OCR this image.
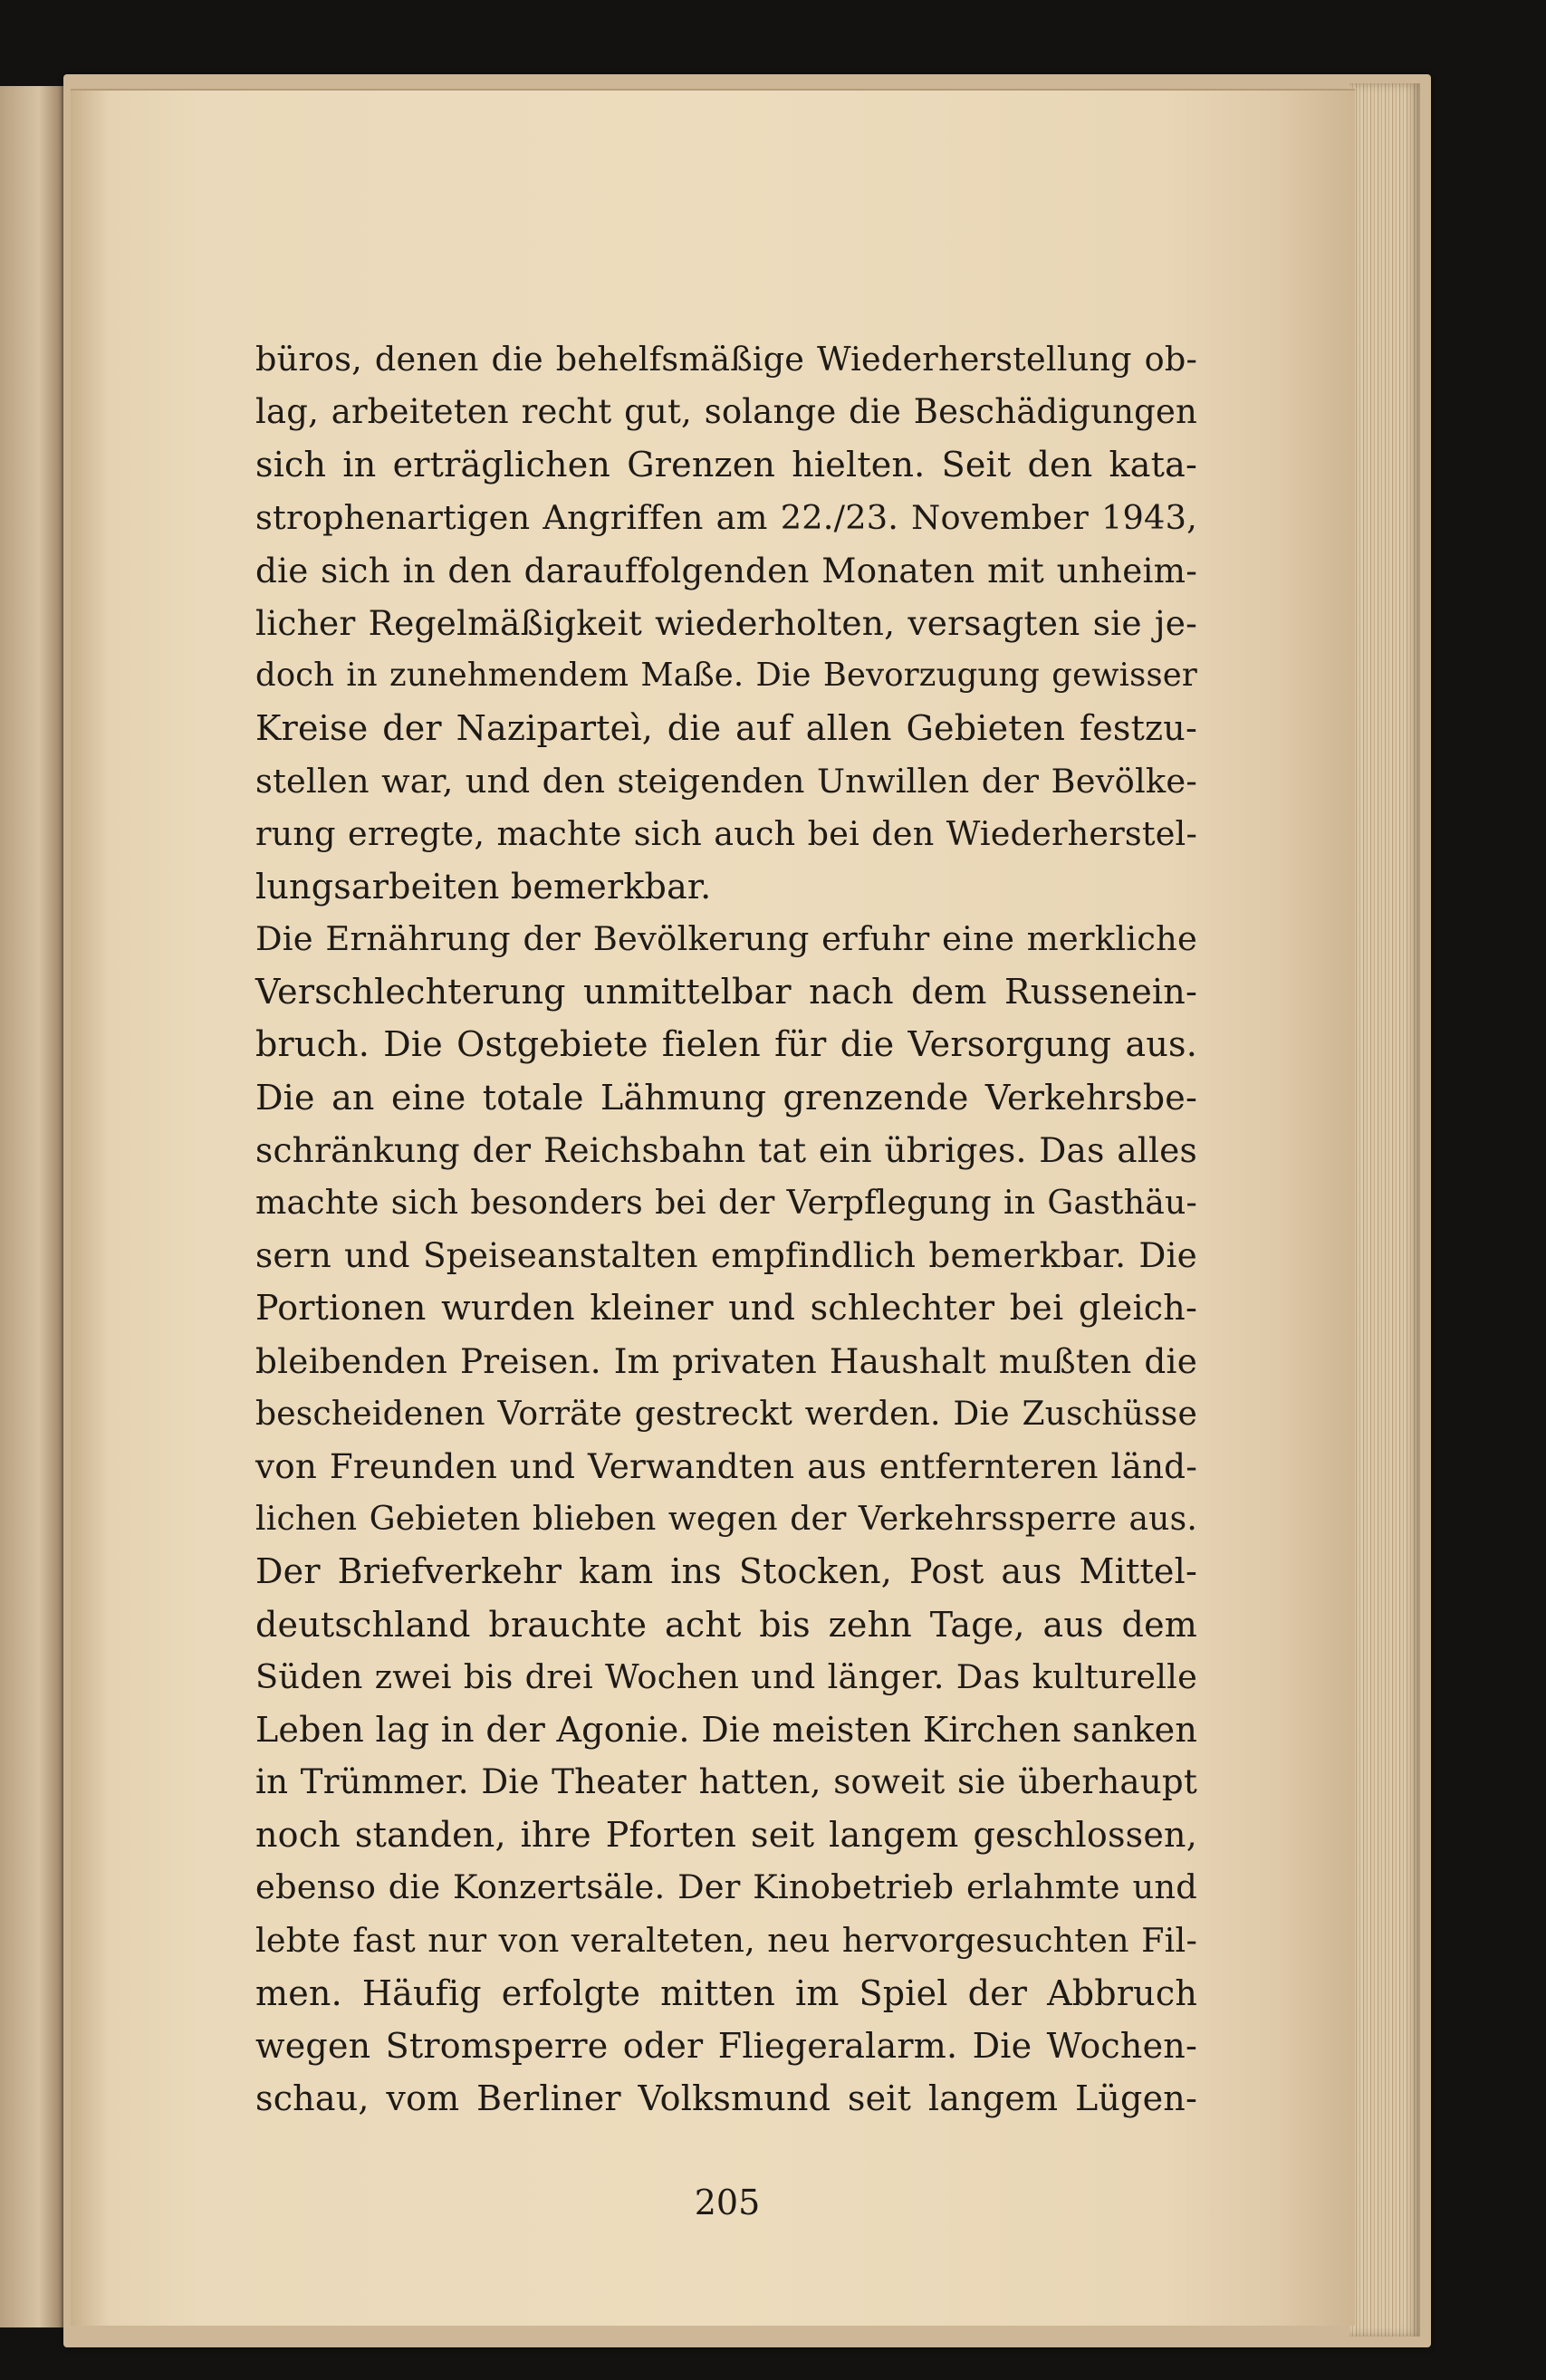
büros, denen die behelfsmäßige Wiederherstellung ob-
lag, arbeiteten recht gut, solange die Beschädigungen
sich in erträglichen Grenzen hielten. Seit den kata-
strophenartigen Angriffen am 22./23. November 1943,
die sich in den darauffolgenden Monaten mit unheim-
licher Regelmäßigkeit wiederholten, versagten sie je-
doch in zunehmendem Maße. Die Bevorzugung gewisser
Kreise der Naziparteì, die auf allen Gebieten festzu-
stellen war, und den steigenden Unwillen der Bevölke-
rung erregte, machte sich auch bei den Wiederherstel-
lungsarbeiten bemerkbar.
Die Ernährung der Bevölkerung erfuhr eine merkliche
Verschlechterung unmittelbar nach dem Russenein-
bruch. Die Ostgebiete fielen für die Versorgung aus.
Die an eine totale Lähmung grenzende Verkehrsbe-
schränkung der Reichsbahn tat ein übriges. Das alles
machte sich besonders bei der Verpflegung in Gasthäu-
sern und Speiseanstalten empfindlich bemerkbar. Die
Portionen wurden kleiner und schlechter bei gleich-
bleibenden Preisen. Im privaten Haushalt mußten die
bescheidenen Vorräte gestreckt werden. Die Zuschüsse
von Freunden und Verwandten aus entfernteren länd-
lichen Gebieten blieben wegen der Verkehrssperre aus.
Der Briefverkehr kam ins Stocken, Post aus Mittel-
deutschland brauchte acht bis zehn Tage, aus dem
Süden zwei bis drei Wochen und länger. Das kulturelle
Leben lag in der Agonie. Die meisten Kirchen sanken
in Trümmer. Die Theater hatten, soweit sie überhaupt
noch standen, ihre Pforten seit langem geschlossen,
ebenso die Konzertsäle. Der Kinobetrieb erlahmte und
lebte fast nur von veralteten, neu hervorgesuchten Fil-
men. Häufig erfolgte mitten im Spiel der Abbruch
wegen Stromsperre oder Fliegeralarm. Die Wochen-
schau, vom Berliner Volksmund seit langem Lügen-
205
